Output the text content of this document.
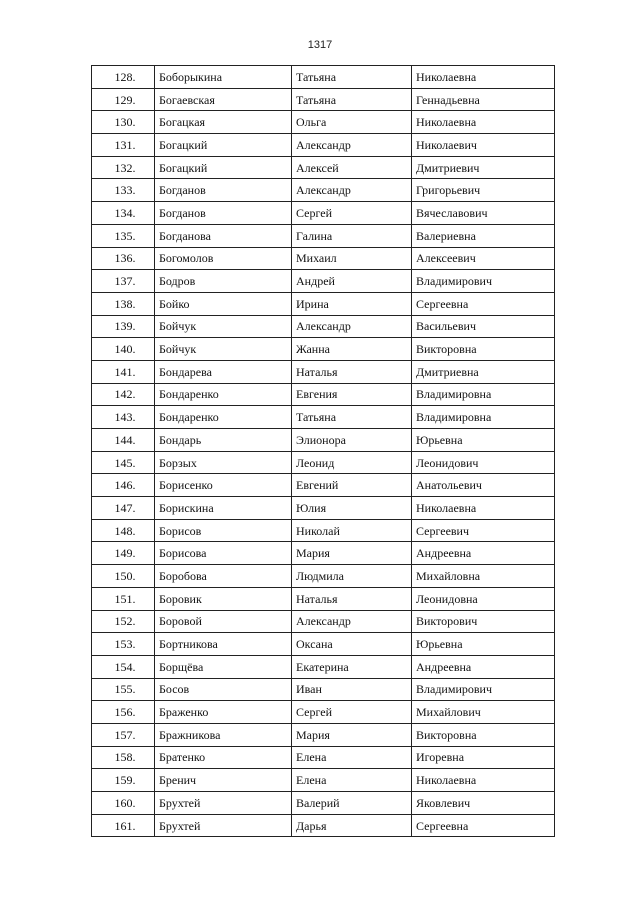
1317
128.	Боборыкина	Татьяна	Николаевна
129.	Богаевская	Татьяна	Геннадьевна
130.	Богацкая	Ольга	Николаевна
131.	Богацкий	Александр	Николаевич
132.	Богацкий	Алексей	Дмитриевич
133.	Богданов	Александр	Григорьевич
134.	Богданов	Сергей	Вячеславович
135.	Богданова	Галина	Валериевна
136.	Богомолов	Михаил	Алексеевич
137.	Бодров	Андрей	Владимирович
138.	Бойко	Ирина	Сергеевна
139.	Бойчук	Александр	Васильевич
140.	Бойчук	Жанна	Викторовна
141.	Бондарева	Наталья	Дмитриевна
142.	Бондаренко	Евгения	Владимировна
143.	Бондаренко	Татьяна	Владимировна
144.	Бондарь	Элионора	Юрьевна
145.	Борзых	Леонид	Леонидович
146.	Борисенко	Евгений	Анатольевич
147.	Борискина	Юлия	Николаевна
148.	Борисов	Николай	Сергеевич
149.	Борисова	Мария	Андреевна
150.	Боробова	Людмила	Михайловна
151.	Боровик	Наталья	Леонидовна
152.	Боровой	Александр	Викторович
153.	Бортникова	Оксана	Юрьевна
154.	Борщёва	Екатерина	Андреевна
155.	Босов	Иван	Владимирович
156.	Браженко	Сергей	Михайлович
157.	Бражникова	Мария	Викторовна
158.	Братенко	Елена	Игоревна
159.	Бренич	Елена	Николаевна
160.	Брухтей	Валерий	Яковлевич
161.	Брухтей	Дарья	Сергеевна
